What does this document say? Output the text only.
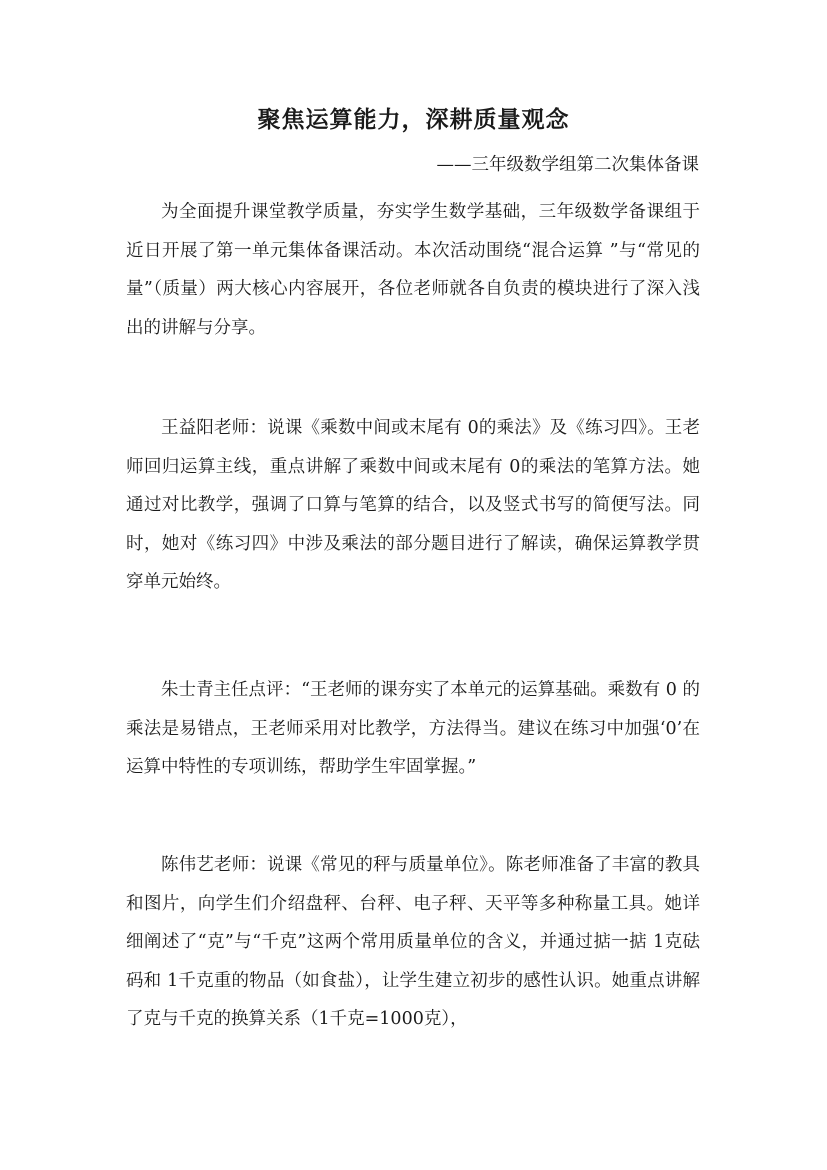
聚焦运算能力，深耕质量观念
——三年级数学组第二次集体备课

为全面提升课堂教学质量，夯实学生数学基础，三年级数学备课组于近日开展了第一单元集体备课活动。本次活动围绕“混合运算 ”与“常见的量”（质量）两大核心内容展开，各位老师就各自负责的模块进行了深入浅出的讲解与分享。

王益阳老师：说课《乘数中间或末尾有 0的乘法》及《练习四》。王老师回归运算主线，重点讲解了乘数中间或末尾有 0的乘法的笔算方法。她通过对比教学，强调了口算与笔算的结合，以及竖式书写的简便写法。同时，她对《练习四》中涉及乘法的部分题目进行了解读，确保运算教学贯穿单元始终。

朱士青主任点评：“王老师的课夯实了本单元的运算基础。乘数有 0 的乘法是易错点，王老师采用对比教学，方法得当。建议在练习中加强‘0’在运算中特性的专项训练，帮助学生牢固掌握。”

陈伟艺老师：说课《常见的秤与质量单位》。陈老师准备了丰富的教具和图片，向学生们介绍盘秤、台秤、电子秤、天平等多种称量工具。她详细阐述了“克”与“千克”这两个常用质量单位的含义，并通过掂一掂 1克砝码和 1千克重的物品（如食盐），让学生建立初步的感性认识。她重点讲解了克与千克的换算关系（1千克=1000克），
